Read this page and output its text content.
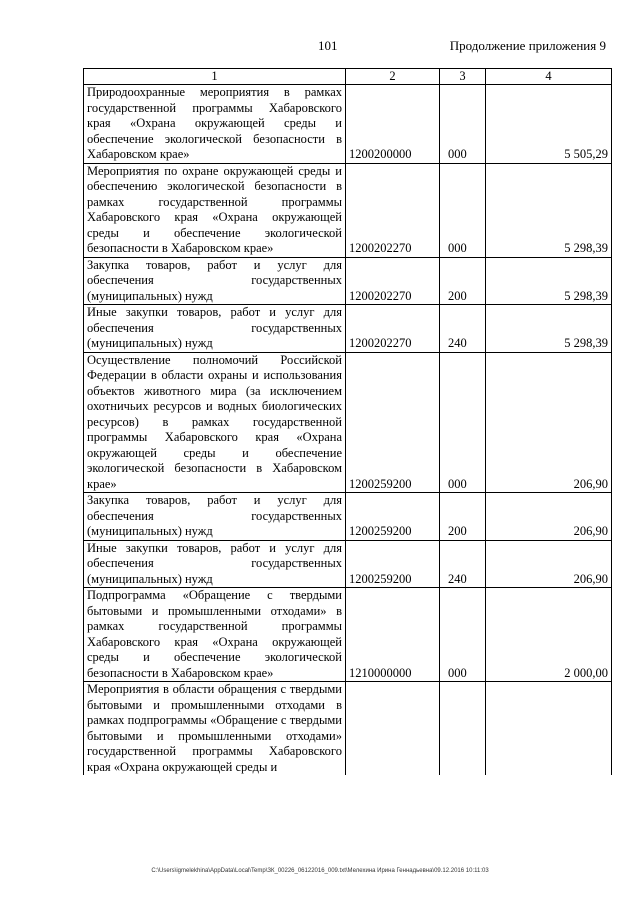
101	Продолжение приложения 9
1	2	3	4
Природоохранные мероприятия в рамках государственной программы Хабаровского края «Охрана окружающей среды и обеспечение экологической безопасности в Хабаровском крае»	1200200000	000	5 505,29
Мероприятия по охране окружающей среды и обеспечению экологической безопасности в рамках государственной программы Хабаровского края «Охрана окружающей среды и обеспечение экологической безопасности в Хабаровском крае»	1200202270	000	5 298,39
Закупка товаров, работ и услуг для обеспечения государственных (муниципальных) нужд	1200202270	200	5 298,39
Иные закупки товаров, работ и услуг для обеспечения государственных (муниципальных) нужд	1200202270	240	5 298,39
Осуществление полномочий Российской Федерации в области охраны и использования объектов животного мира (за исключением охотничьих ресурсов и водных биологических ресурсов) в рамках государственной программы Хабаровского края «Охрана окружающей среды и обеспечение экологической безопасности в Хабаровском крае»	1200259200	000	206,90
Закупка товаров, работ и услуг для обеспечения государственных (муниципальных) нужд	1200259200	200	206,90
Иные закупки товаров, работ и услуг для обеспечения государственных (муниципальных) нужд	1200259200	240	206,90
Подпрограмма «Обращение с твердыми бытовыми и промышленными отходами» в рамках государственной программы Хабаровского края «Охрана окружающей среды и обеспечение экологической безопасности в Хабаровском крае»	1210000000	000	2 000,00
Мероприятия в области обращения с твердыми бытовыми и промышленными отходами в рамках подпрограммы «Обращение с твердыми бытовыми и промышленными отходами» государственной программы Хабаровского края «Охрана окружающей среды и			
C:\Users\igmelekhina\AppData\Local\Temp\ЗК_00226_06122016_009.txt\Мелехина Ирина Геннадьевна\09.12.2016 10:11:03
